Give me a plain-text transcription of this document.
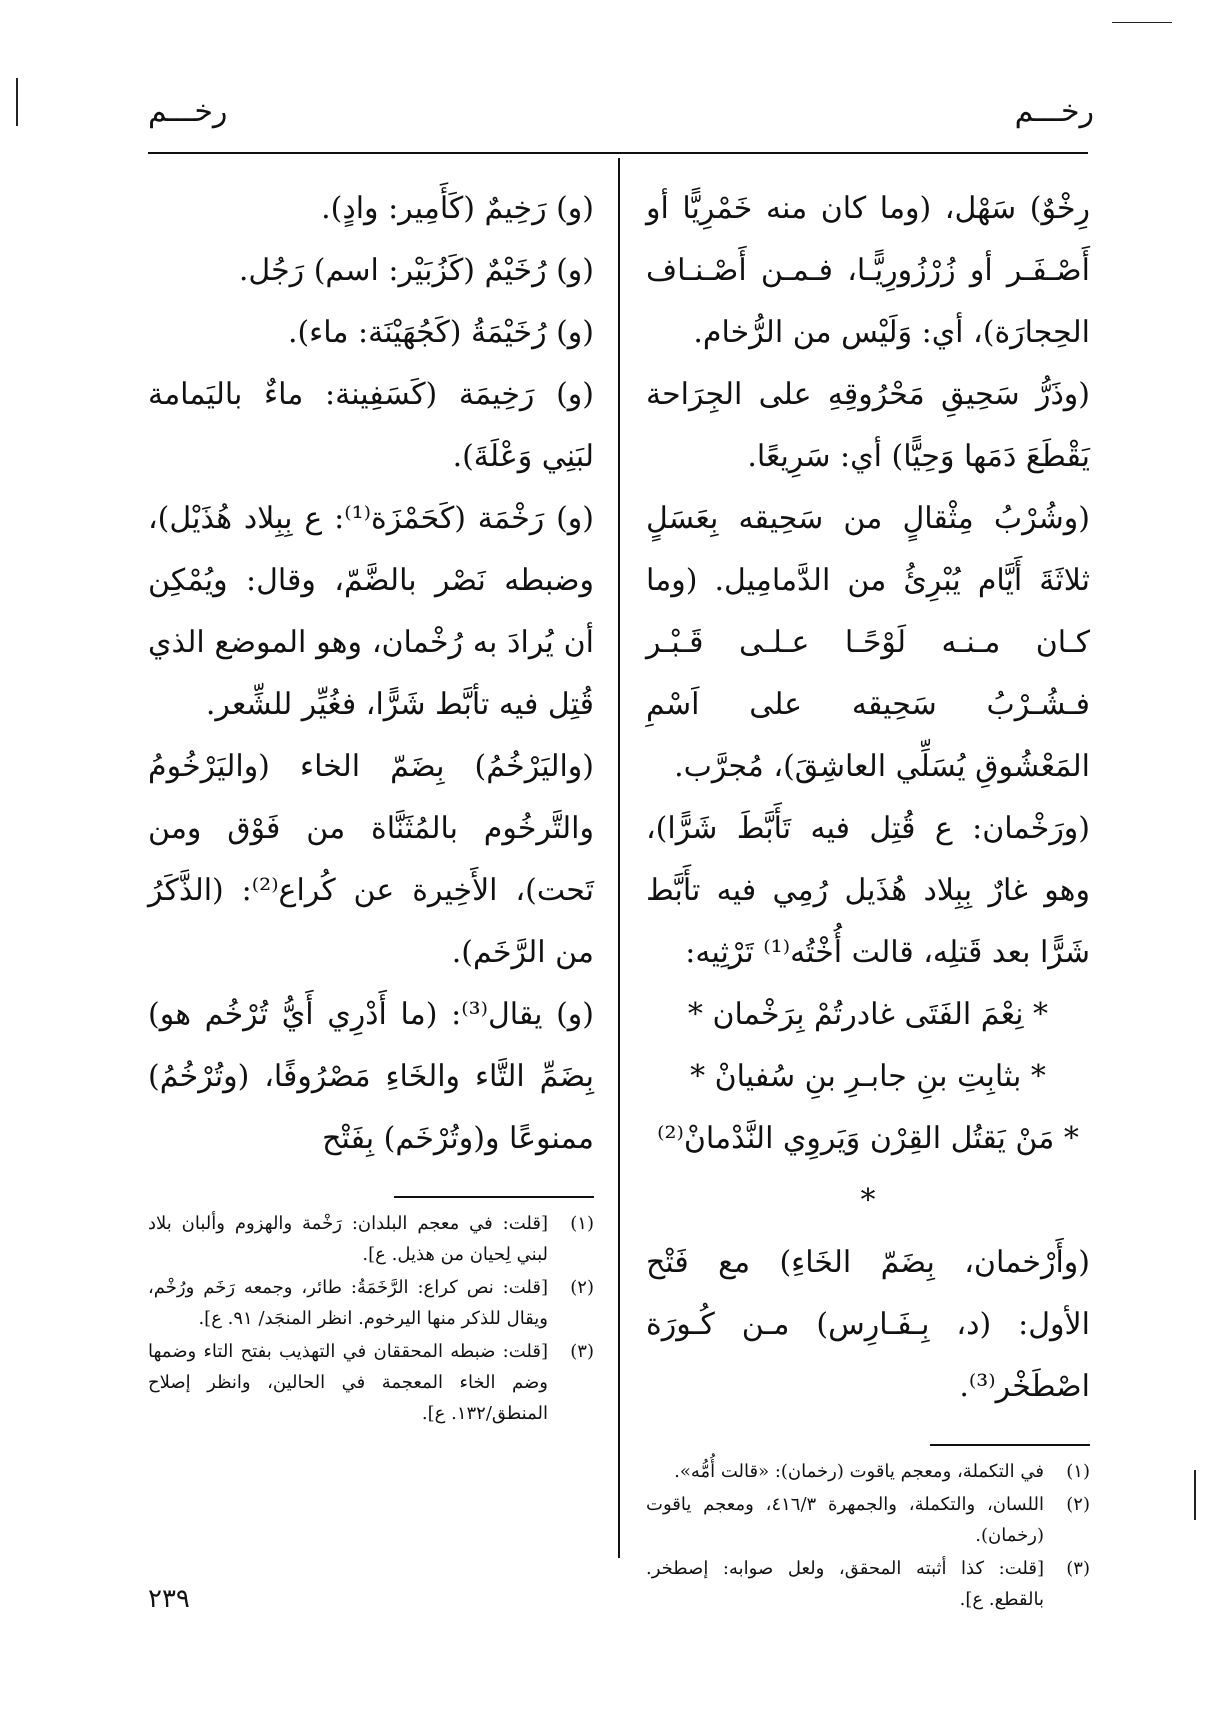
رخـــم
رخـــم

رِخْوٌ) سَهْل، (وما كان منه خَمْرِيًّا أو أَصْـفَـر أو زُرْزُورِيًّـا، فـمـن أَصْـنـاف الحِجارَة)، أي: وَلَيْس من الرُّخام.

(وذَرُّ سَحِيقِ مَحْرُوقِهِ على الجِرَاحة يَقْطَعَ دَمَها وَحِيًّا) أي: سَرِيعًا.

(وشُرْبُ مِثْقالٍ من سَحِيقه بِعَسَلٍ ثلاثَةَ أَيَّام يُبْرِئُ من الدَّمامِيل. (وما كـان مـنـه لَوْحًـا عـلـى قَـبْـر فـشُـرْبُ سَحِيقه على اَسْمِ المَعْشُوقِ يُسَلِّي العاشِقَ)، مُجرَّب.

(ورَخْمان: ع قُتِل فيه تَأَبَّطَ شَرًّا)، وهو غارٌ بِبِلاد هُذَيل رُمِي فيه تأَبَّط شَرًّا بعد قَتلِه، قالت أُخْتُه⁽¹⁾ تَرْثِيه:

* نِعْمَ الفَتَى غادرتُمْ بِرَخْمان *

* بثابِتِ بنِ جابـرِ بنِ سُفيانْ *

* مَنْ يَقتُل القِرْن وَيَروِي النَّدْمانْ⁽²⁾ *

(وأَرْخمان، بِضَمّ الخَاءِ) مع فَتْح الأول: (د، بِـفَـارِس) مـن كُـورَة اصْطَخْر⁽³⁾.

(١)
في التكملة، ومعجم ياقوت (رخمان): «قالت أُمُّه».
(٢)
اللسان، والتكملة، والجمهرة ٤١٦/٣، ومعجم ياقوت (رخمان).
(٣)
[قلت: كذا أثبته المحقق، ولعل صوابه: إصطخر. بالقطع. ع].

(و) رَخِيمٌ (كَأَمِير: وادٍ).

(و) رُخَيْمٌ (كَزُبَيْر: اسم) رَجُل.

(و) رُخَيْمَةُ (كَجُهَيْنَة: ماء).

(و) رَخِيمَة (كَسَفِينة: ماءٌ باليَمامة لبَنِي وَعْلَةَ).

(و) رَخْمَة (كَحَمْزَة⁽¹⁾: ع بِبِلاد هُذَيْل)، وضبطه نَصْر بالضَّمّ، وقال: ويُمْكِن أن يُرادَ به رُخْمان، وهو الموضع الذي قُتِل فيه تأبَّط شَرًّا، فغُيِّر للشِّعر.

(واليَرْخُمُ) بِضَمّ الخاء (واليَرْخُومُ والتَّرخُوم بالمُثَنَّاة من فَوْق ومن تَحت)، الأَخِيرة عن كُراع⁽²⁾: (الذَّكَرُ من الرَّخَم).

(و) يقال⁽³⁾: (ما أَدْرِي أَيُّ تُرْخُم هو) بِضَمِّ التَّاء والخَاءِ مَصْرُوفًا، (وتُرْخُمُ) ممنوعًا و(وتُرْخَم) بِفَتْح

(١)
[قلت: في معجم البلدان: رَخْمة والهزوم وألبان بلاد لبني لِحيان من هذيل. ع].
(٢)
[قلت: نص كراع: الرَّخَمَةُ: طائر، وجمعه رَخَم ورُخْم، ويقال للذكر منها اليرخوم. انظر المنجَد/ ٩١. ع].
(٣)
[قلت: ضبطه المحققان في التهذيب بفتح التاء وضمها وضم الخاء المعجمة في الحالين، وانظر إصلاح المنطق/١٣٢. ع].
٢٣٩
